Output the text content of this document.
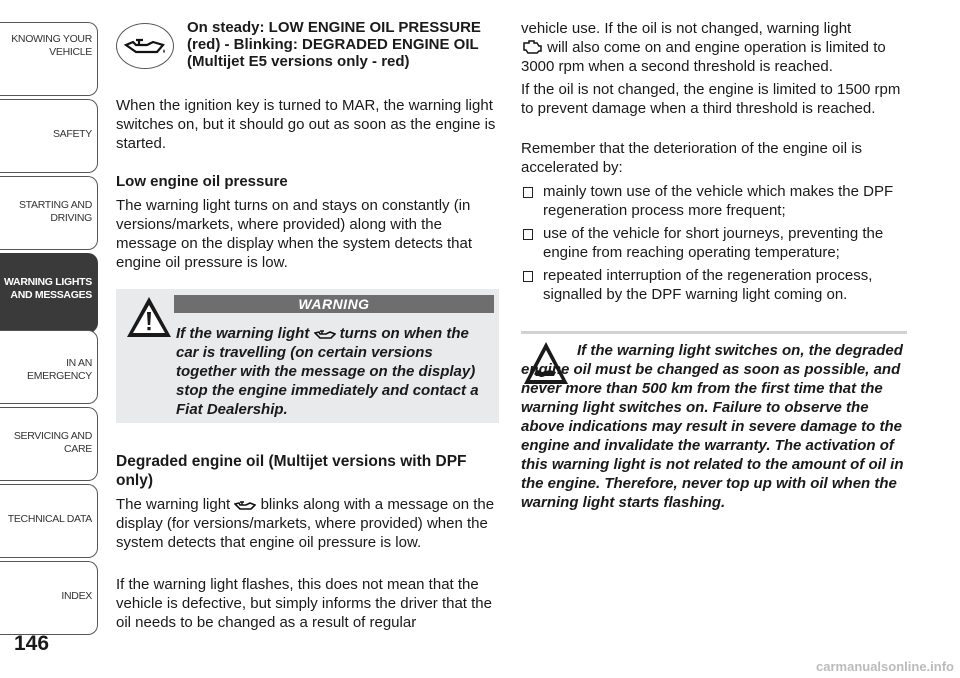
KNOWING YOUR
VEHICLE
SAFETY
STARTING AND
DRIVING
WARNING LIGHTS
AND MESSAGES
IN AN EMERGENCY
SERVICING AND
CARE
TECHNICAL DATA
INDEX
146
On steady: LOW ENGINE OIL PRESSURE (red) - Blinking: DEGRADED ENGINE OIL (Multijet E5 versions only - red)

When the ignition key is turned to MAR, the warning light switches on, but it should go out as soon as the engine is started.

Low engine oil pressure

The warning light turns on and stays on constantly (in versions/markets, where provided) along with the message on the display when the system detects that engine oil pressure is low.

WARNING

If the warning light turns on when the car is travelling (on certain versions together with the message on the display) stop the engine immediately and contact a Fiat Dealership.

Degraded engine oil (Multijet versions with DPF only)

The warning light blinks along with a message on the display (for versions/markets, where provided) when the system detects that engine oil pressure is low.

If the warning light flashes, this does not mean that the vehicle is defective, but simply informs the driver that the oil needs to be changed as a result of regular

vehicle use. If the oil is not changed, warning light
will also come on and engine operation is limited to 3000 rpm when a second threshold is reached.

If the oil is not changed, the engine is limited to 1500 rpm to prevent damage when a third threshold is reached.

Remember that the deterioration of the engine oil is accelerated by:

mainly town use of the vehicle which makes the DPF regeneration process more frequent;
use of the vehicle for short journeys, preventing the engine from reaching operating temperature;
repeated interruption of the regeneration process, signalled by the DPF warning light coming on.

If the warning light switches on, the degraded engine oil must be changed as soon as possible, and never more than 500 km from the first time that the warning light switches on. Failure to observe the above indications may result in severe damage to the engine and invalidate the warranty. The activation of this warning light is not related to the amount of oil in the engine. Therefore, never top up with oil when the warning light starts flashing.

carmanualsonline.info
